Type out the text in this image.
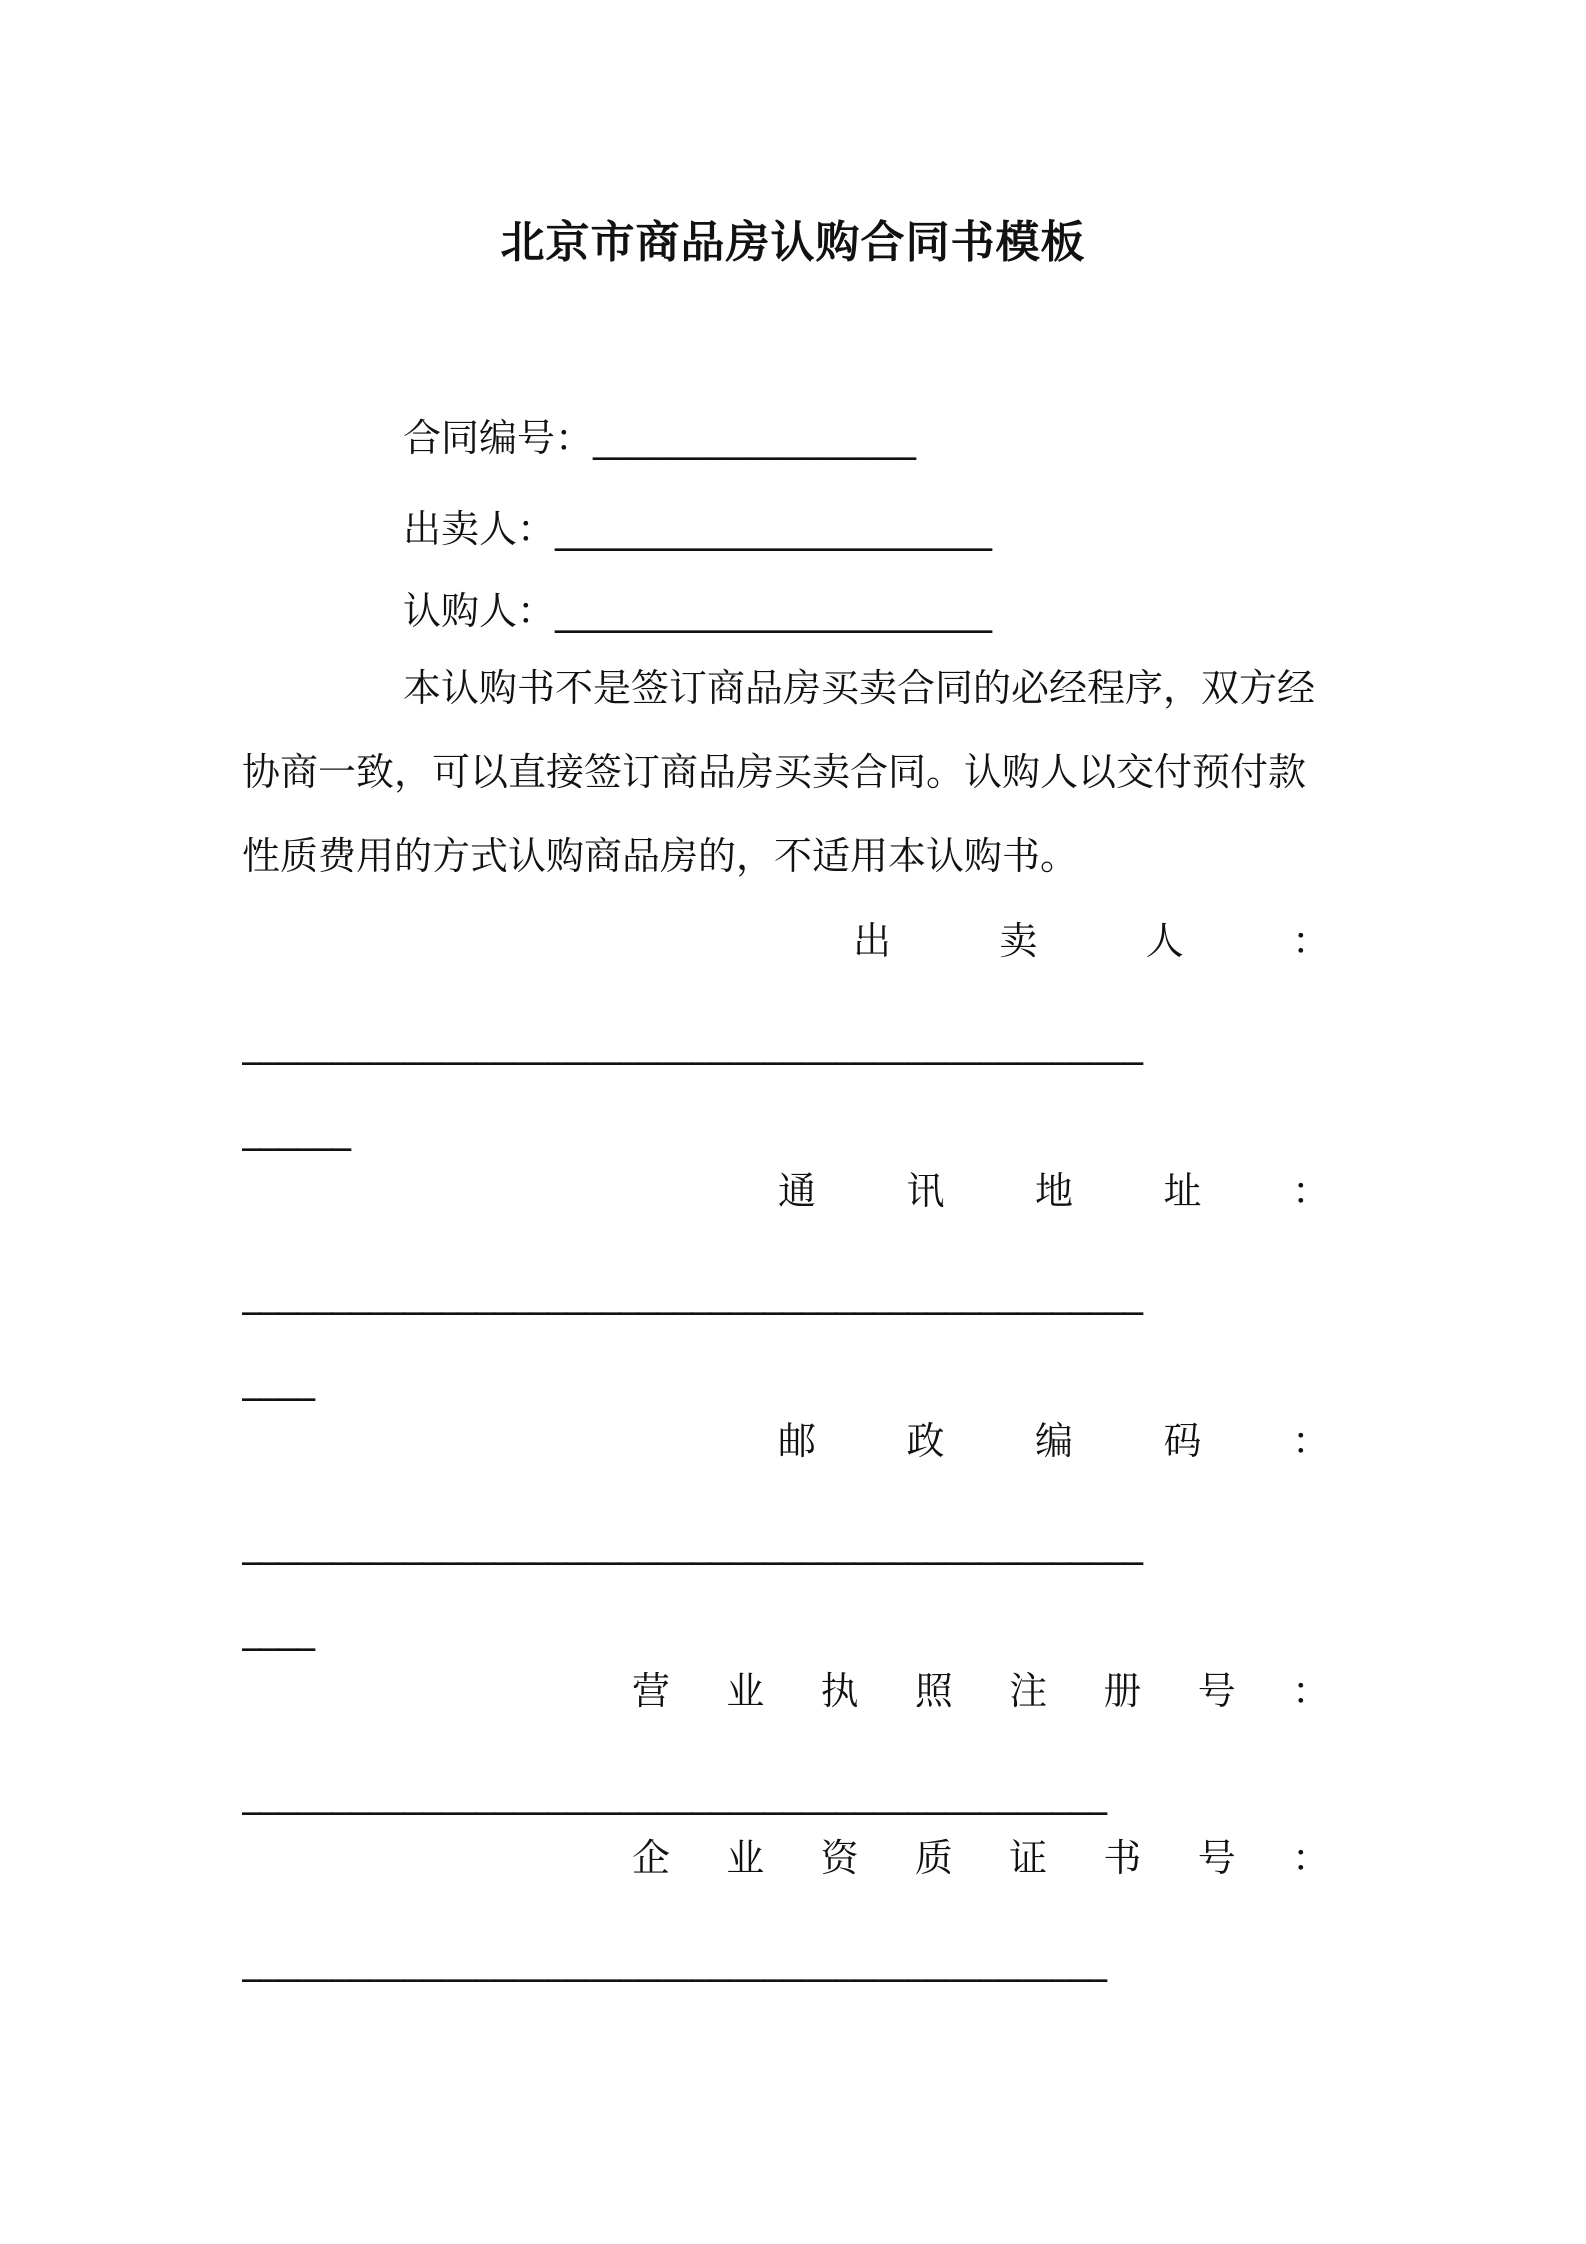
北京市商品房认购合同书模板
合同编号：_________________
出卖人：_______________________
认购人：_______________________
本认购书不是签订商品房买卖合同的必经程序，双方经
协商一致，可以直接签订商品房买卖合同。认购人以交付预付款
性质费用的方式认购商品房的，不适用本认购书。
出	卖	人	：
__________________________________________________
______
通 讯 地 址 ：
__________________________________________________
____
邮 政 编 码 ：
__________________________________________________
____
营 业 执 照 注 册 号 ：
________________________________________________
企 业 资 质 证 书 号 ：
________________________________________________
